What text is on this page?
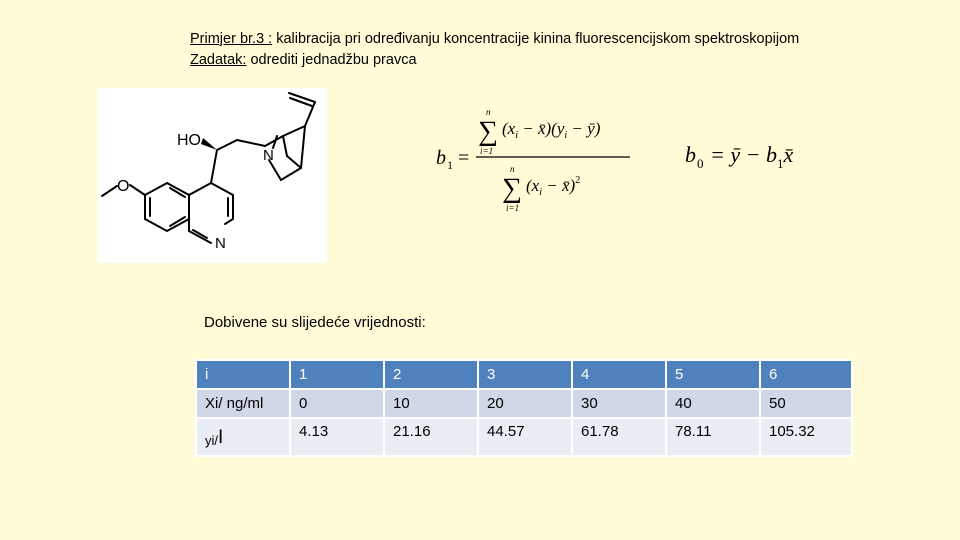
Primjer br.3 : kalibracija pri određivanju koncentracije kinina fluorescencijskom spektroskopijom
Zadatak: odrediti jednadžbu pravca
HO
O
N
N
b 1 =
n
∑
i=1
($x_i$ − $x̄)(y_i$ − ȳ)
n
∑
i=1
($x_i$ − x̄)$^2$
b 0 = ȳ − $b_1x̄$
Dobivene su slijedeće vrijednosti:
i	1	2	3	4	5	6
Xi/ ng/ml	0	10	20	30	40	50
yi/I	4.13	21.16	44.57	61.78	78.11	105.32
